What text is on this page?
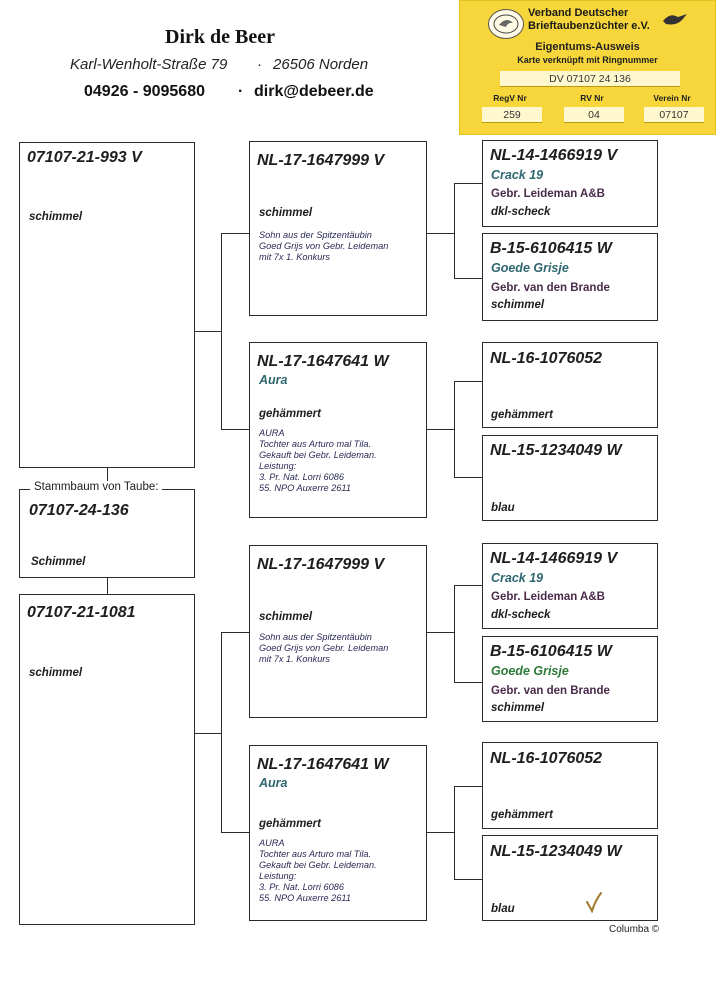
Dirk de Beer
Karl-Wenholt-Straße 79 · 26506 Norden
04926 - 9095680 · dirk@debeer.de
Verband Deutscher
Brieftaubenzüchter e.V.
Eigentums-Ausweis
Karte verknüpft mit Ringnummer
DV 07107 24 136
RegV Nr	RV Nr	Verein Nr
259	04	07107
07107-21-993 V
schimmel
07107-24-136
Schimmel
Stammbaum von Taube:
07107-21-1081
schimmel
NL-17-1647999 V
schimmel
Sohn aus der Spitzentäubin
Goed Grijs von Gebr. Leideman
mit 7x 1. Konkurs
NL-17-1647641 W
Aura
gehämmert
AURA
Tochter aus Arturo mal Tila.
Gekauft bei Gebr. Leideman.
Leistung:
3. Pr. Nat. Lorri 6086
55. NPO Auxerre 2611
NL-17-1647999 V
schimmel
Sohn aus der Spitzentäubin
Goed Grijs von Gebr. Leideman
mit 7x 1. Konkurs
NL-17-1647641 W
Aura
gehämmert
AURA
Tochter aus Arturo mal Tila.
Gekauft bei Gebr. Leideman.
Leistung:
3. Pr. Nat. Lorri 6086
55. NPO Auxerre 2611
NL-14-1466919 V
Crack 19
Gebr. Leideman A&B
dkl-scheck
B-15-6106415 W
Goede Grisje
Gebr. van den Brande
schimmel
NL-16-1076052
gehämmert
NL-15-1234049 W
blau
NL-14-1466919 V
Crack 19
Gebr. Leideman A&B
dkl-scheck
B-15-6106415 W
Goede Grisje
Gebr. van den Brande
schimmel
NL-16-1076052
gehämmert
NL-15-1234049 W
blau
Columba ©
